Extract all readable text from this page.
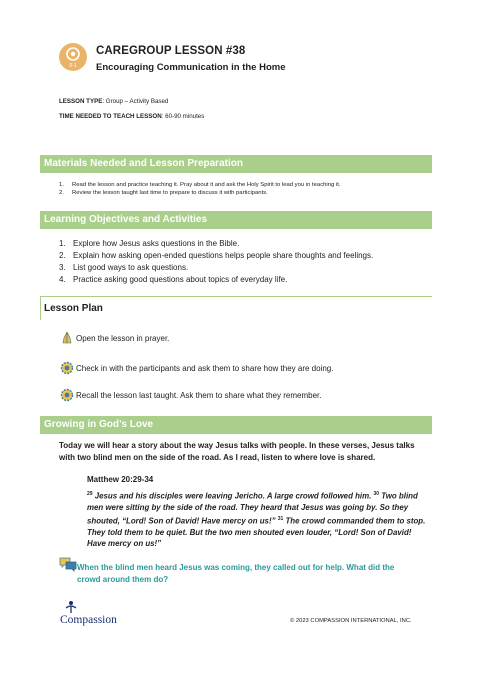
0-1
CAREGROUP LESSON #38
Encouraging Communication in the Home
LESSON TYPE: Group – Activity Based
TIME NEEDED TO TEACH LESSON: 60-90 minutes
Materials Needed and Lesson Preparation
1. Read the lesson and practice teaching it. Pray about it and ask the Holy Spirit to lead you in teaching it.
2. Review the lesson taught last time to prepare to discuss it with participants.
Learning Objectives and Activities
1. Explore how Jesus asks questions in the Bible.
2. Explain how asking open-ended questions helps people share thoughts and feelings.
3. List good ways to ask questions.
4. Practice asking good questions about topics of everyday life.
Lesson Plan
Open the lesson in prayer.
Check in with the participants and ask them to share how they are doing.
Recall the lesson last taught. Ask them to share what they remember.
Growing in God’s Love
Today we will hear a story about the way Jesus talks with people. In these verses, Jesus talks with two blind men on the side of the road. As I read, listen to where love is shared.
Matthew 20:29-34
$^{29}$ Jesus and his disciples were leaving Jericho. A large crowd followed him. $^{30}$ Two blind men were sitting by the side of the road. They heard that Jesus was going by. So they shouted, “Lord! Son of David! Have mercy on us!” $^{31}$ The crowd commanded them to stop. They told them to be quiet. But the two men shouted even louder, “Lord! Son of David! Have mercy on us!”
When the blind men heard Jesus was coming, they called out for help. What did the crowd around them do?
Compassion	© 2023 COMPASSION INTERNATIONAL, INC.
